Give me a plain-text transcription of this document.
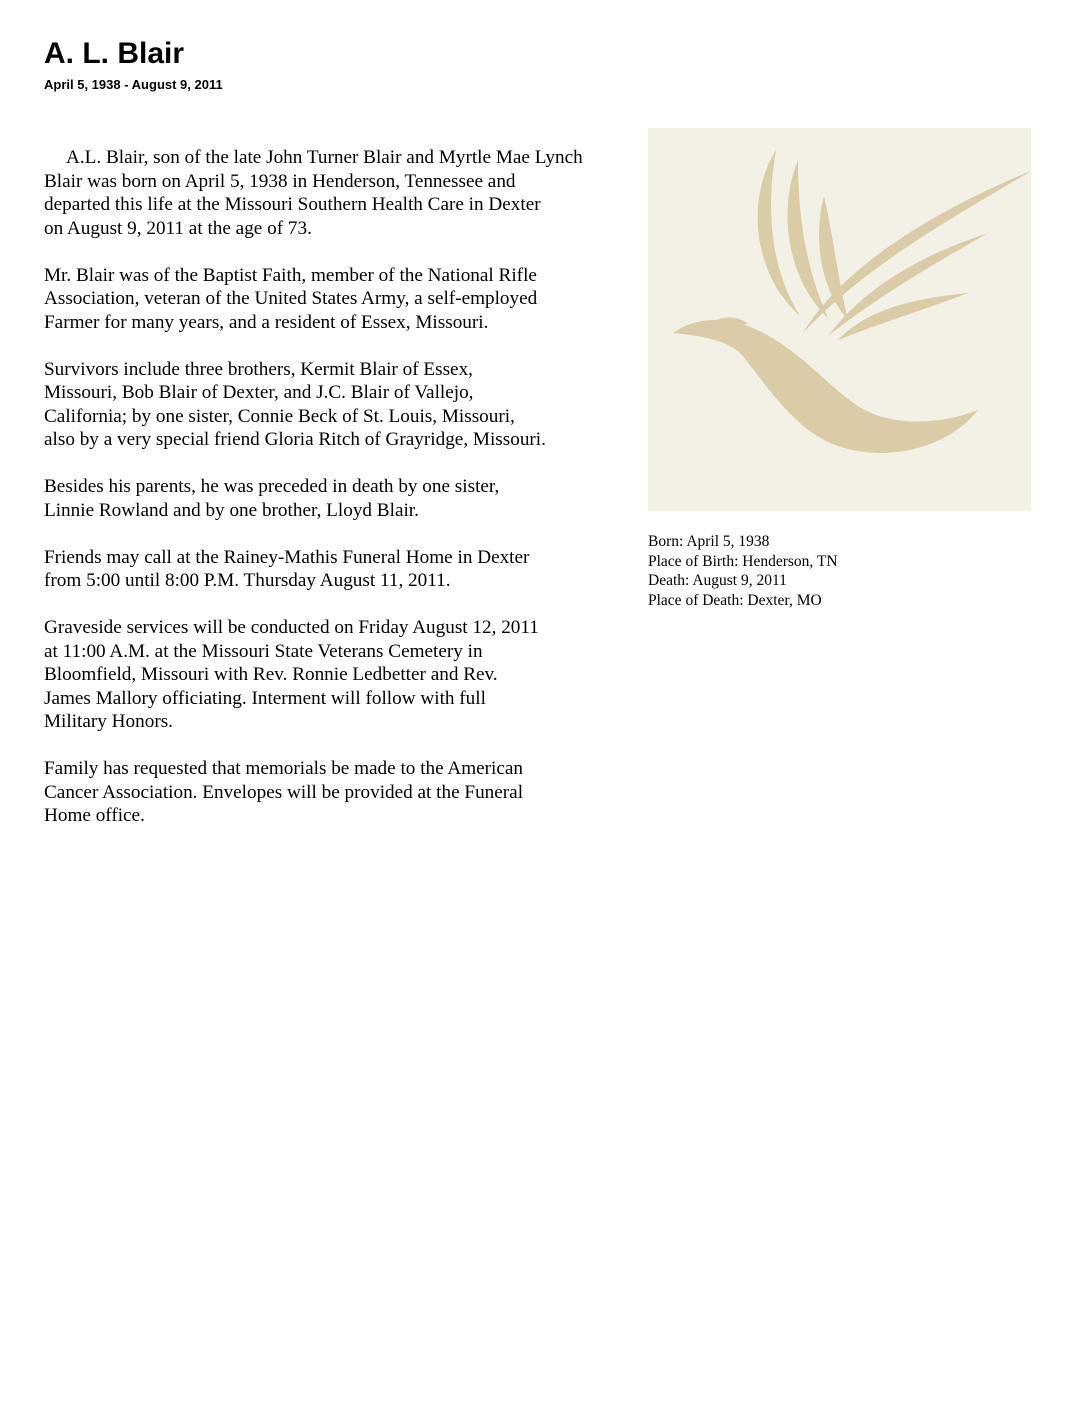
A. L. Blair
April 5, 1938 - August 9, 2011

A.L. Blair, son of the late John Turner Blair and Myrtle Mae Lynch
Blair was born on April 5, 1938 in Henderson, Tennessee and
departed this life at the Missouri Southern Health Care in Dexter
on August 9, 2011 at the age of 73.

Mr. Blair was of the Baptist Faith, member of the National Rifle
Association, veteran of the United States Army, a self-employed
Farmer for many years, and a resident of Essex, Missouri.

Survivors include three brothers, Kermit Blair of Essex,
Missouri, Bob Blair of Dexter, and J.C. Blair of Vallejo,
California; by one sister, Connie Beck of St. Louis, Missouri,
also by a very special friend Gloria Ritch of Grayridge, Missouri.

Besides his parents, he was preceded in death by one sister,
Linnie Rowland and by one brother, Lloyd Blair.

Friends may call at the Rainey-Mathis Funeral Home in Dexter
from 5:00 until 8:00 P.M. Thursday August 11, 2011.

Graveside services will be conducted on Friday August 12, 2011
at 11:00 A.M. at the Missouri State Veterans Cemetery in
Bloomfield, Missouri with Rev. Ronnie Ledbetter and Rev.
James Mallory officiating. Interment will follow with full
Military Honors.

Family has requested that memorials be made to the American
Cancer Association. Envelopes will be provided at the Funeral
Home office.

Born: April 5, 1938
Place of Birth: Henderson, TN
Death: August 9, 2011
Place of Death: Dexter, MO
